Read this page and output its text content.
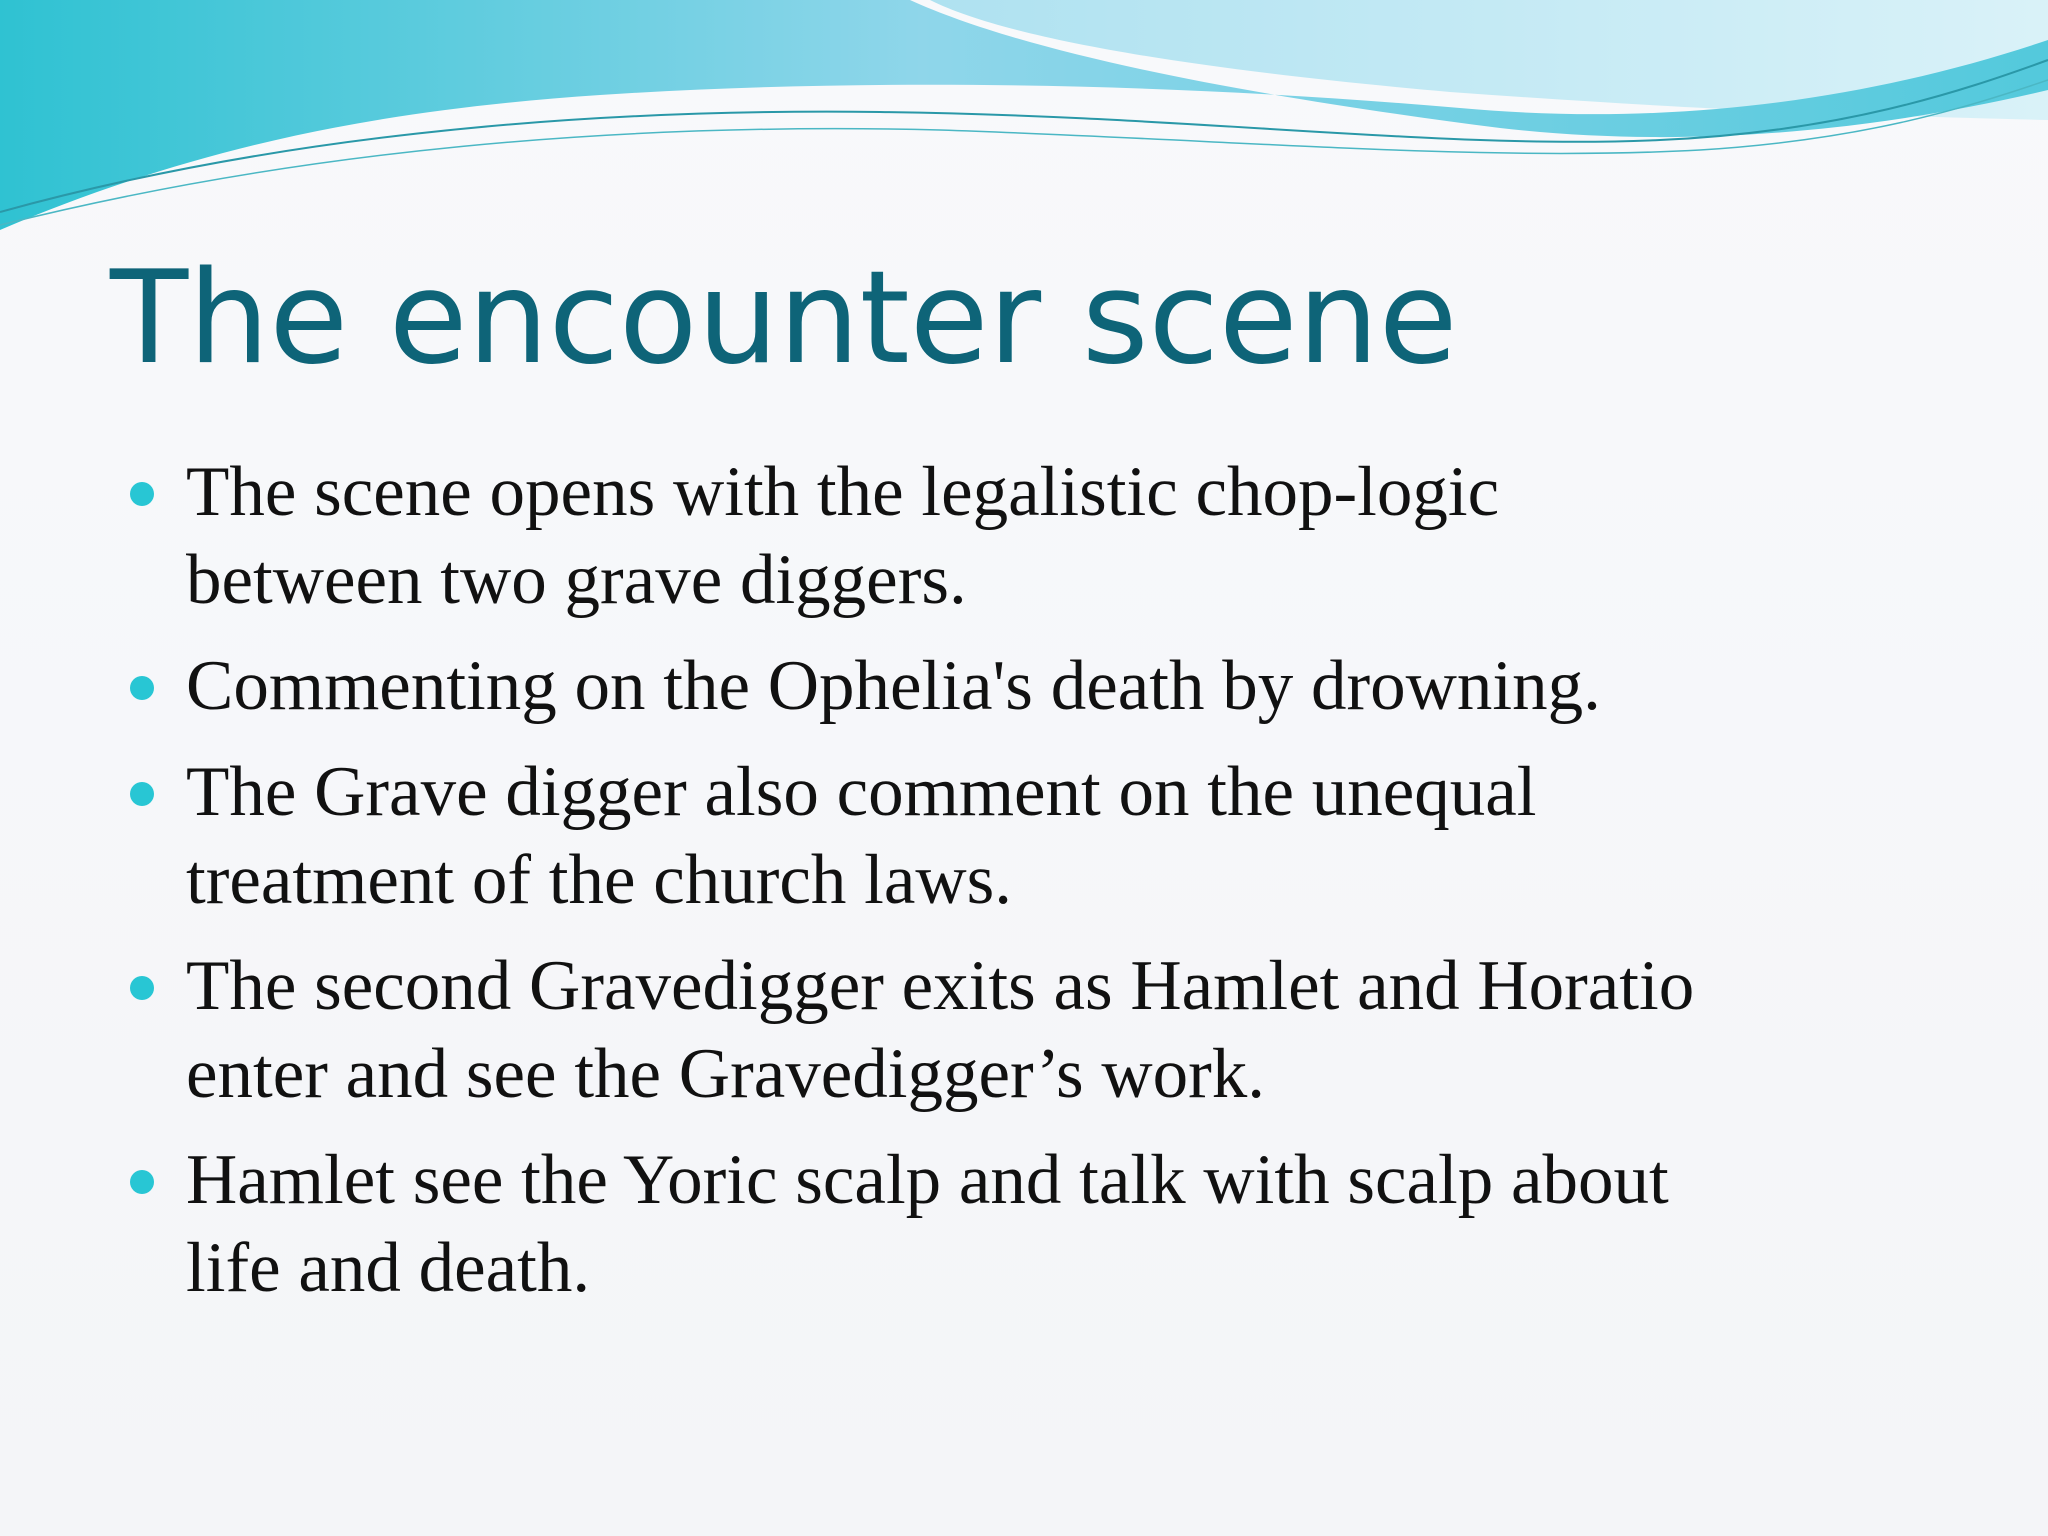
The encounter scene
The scene opens with the legalistic chop-logic
between two grave diggers.
Commenting on the Ophelia's death by drowning.
The Grave digger also comment on the unequal
treatment of the church laws.
The second Gravedigger exits as Hamlet and Horatio
enter and see the Gravedigger’s work.
Hamlet see the Yoric scalp and talk with scalp about
life and death.
